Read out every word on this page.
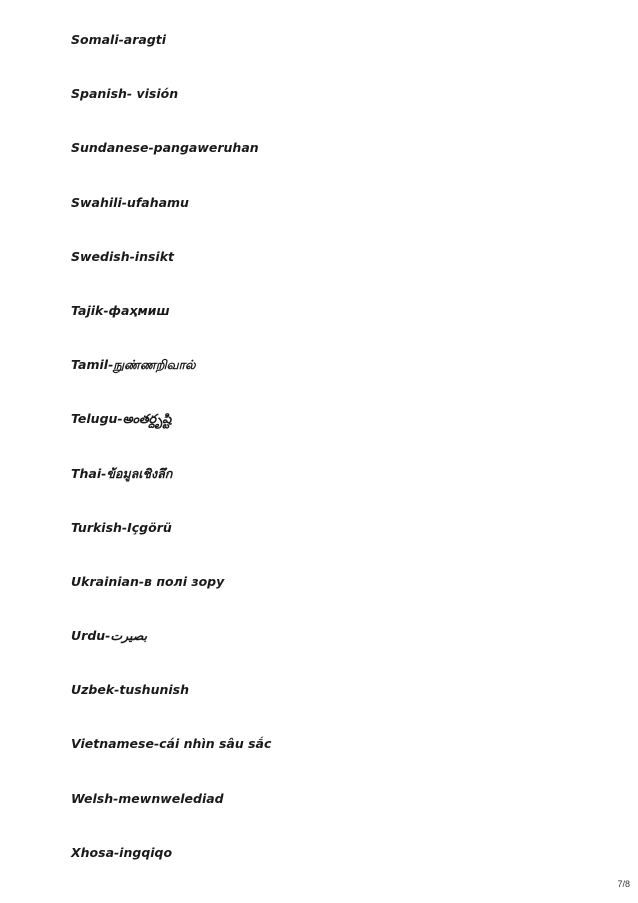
Somali-aragti
Spanish- visión
Sundanese-pangaweruhan
Swahili-ufahamu
Swedish-insikt
Tajik-фаҳмиш
Tamil-நுண்ணறிவால்
Telugu-అంతర్దృష్టి
Thai-ข้อมูลเชิงลึก
Turkish-Içgörü
Ukrainian-в полі зору
Urdu-بصیرت
Uzbek-tushunish
Vietnamese-cái nhìn sâu sắc
Welsh-mewnwelediad
Xhosa-ingqiqo
7/8
